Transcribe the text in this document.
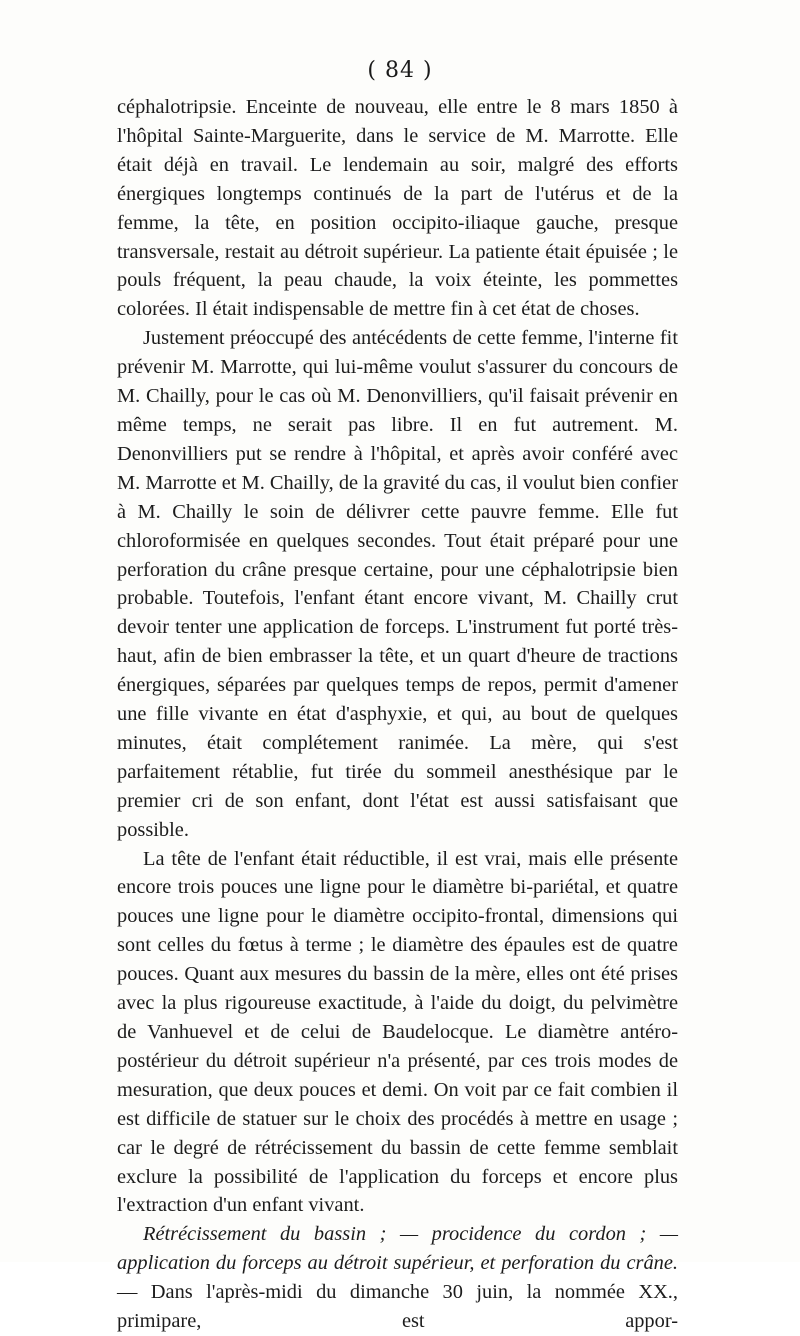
( 84 )

céphalotripsie. Enceinte de nouveau, elle entre le 8 mars 1850 à l'hôpital Sainte-Marguerite, dans le service de M. Marrotte. Elle était déjà en travail. Le lendemain au soir, malgré des efforts énergiques longtemps continués de la part de l'utérus et de la femme, la tête, en position occipito-iliaque gauche, presque transversale, restait au détroit supérieur. La patiente était épuisée ; le pouls fréquent, la peau chaude, la voix éteinte, les pommettes colorées. Il était indispensable de mettre fin à cet état de choses.

Justement préoccupé des antécédents de cette femme, l'interne fit prévenir M. Marrotte, qui lui-même voulut s'assurer du concours de M. Chailly, pour le cas où M. Denonvilliers, qu'il faisait prévenir en même temps, ne serait pas libre. Il en fut autrement. M. Denonvilliers put se rendre à l'hôpital, et après avoir conféré avec M. Marrotte et M. Chailly, de la gravité du cas, il voulut bien confier à M. Chailly le soin de délivrer cette pauvre femme. Elle fut chloroformisée en quelques secondes. Tout était préparé pour une perforation du crâne presque certaine, pour une céphalotripsie bien probable. Toutefois, l'enfant étant encore vivant, M. Chailly crut devoir tenter une application de forceps. L'instrument fut porté très-haut, afin de bien embrasser la tête, et un quart d'heure de tractions énergiques, séparées par quelques temps de repos, permit d'amener une fille vivante en état d'asphyxie, et qui, au bout de quelques minutes, était complétement ranimée. La mère, qui s'est parfaitement rétablie, fut tirée du sommeil anesthésique par le premier cri de son enfant, dont l'état est aussi satisfaisant que possible.

La tête de l'enfant était réductible, il est vrai, mais elle présente encore trois pouces une ligne pour le diamètre bi-pariétal, et quatre pouces une ligne pour le diamètre occipito-frontal, dimensions qui sont celles du fœtus à terme ; le diamètre des épaules est de quatre pouces. Quant aux mesures du bassin de la mère, elles ont été prises avec la plus rigoureuse exactitude, à l'aide du doigt, du pelvimètre de Vanhuevel et de celui de Baudelocque. Le diamètre antéro-postérieur du détroit supérieur n'a présenté, par ces trois modes de mesuration, que deux pouces et demi. On voit par ce fait combien il est difficile de statuer sur le choix des procédés à mettre en usage ; car le degré de rétrécissement du bassin de cette femme semblait exclure la possibilité de l'application du forceps et encore plus l'extraction d'un enfant vivant.

Rétrécissement du bassin ; — procidence du cordon ; — application du forceps au détroit supérieur, et perforation du crâne. — Dans l'après-midi du dimanche 30 juin, la nommée XX., primipare, est appor-
